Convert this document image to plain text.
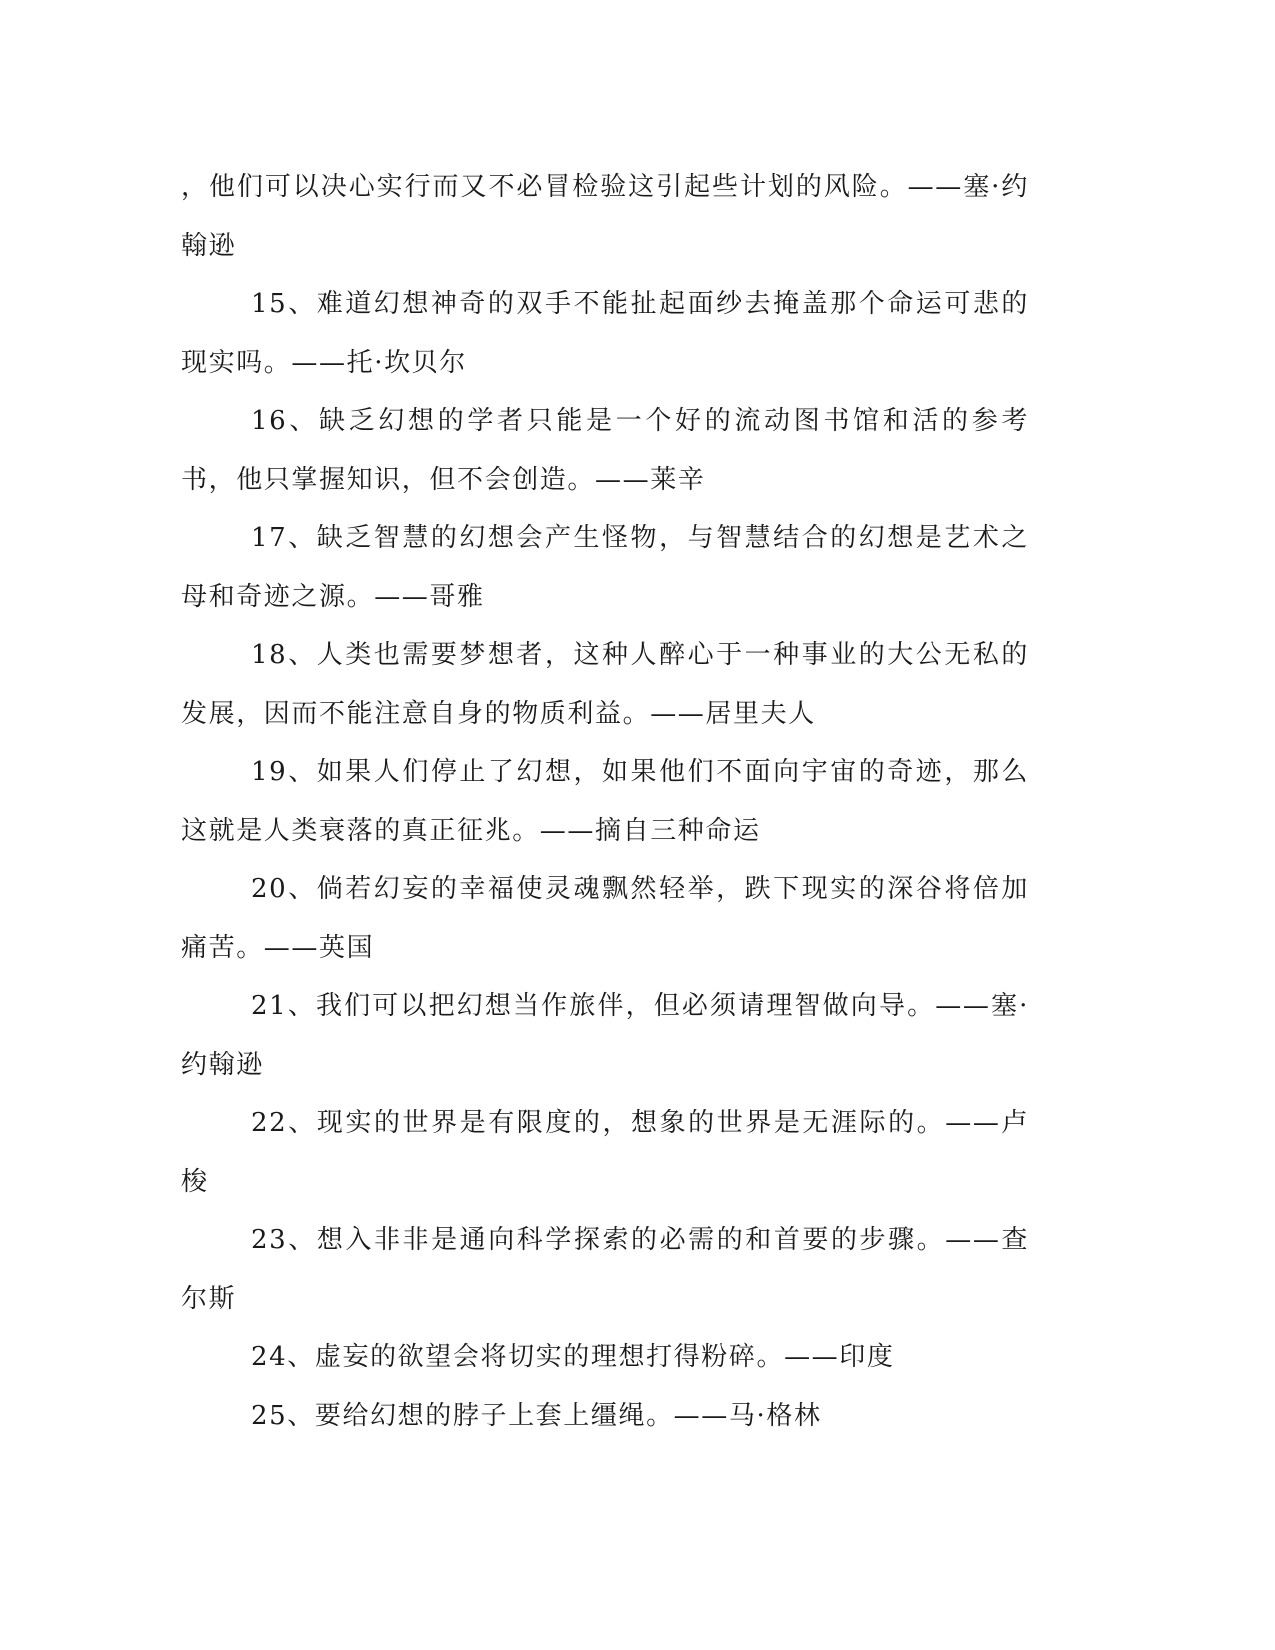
，他们可以决心实行而又不必冒检验这引起些计划的风险。——塞·约翰逊

15、难道幻想神奇的双手不能扯起面纱去掩盖那个命运可悲的现实吗。——托·坎贝尔

16、缺乏幻想的学者只能是一个好的流动图书馆和活的参考书，他只掌握知识，但不会创造。——莱辛

17、缺乏智慧的幻想会产生怪物，与智慧结合的幻想是艺术之母和奇迹之源。——哥雅

18、人类也需要梦想者，这种人醉心于一种事业的大公无私的发展，因而不能注意自身的物质利益。——居里夫人

19、如果人们停止了幻想，如果他们不面向宇宙的奇迹，那么这就是人类衰落的真正征兆。——摘自三种命运

20、倘若幻妄的幸福使灵魂飘然轻举，跌下现实的深谷将倍加痛苦。——英国

21、我们可以把幻想当作旅伴，但必须请理智做向导。——塞·约翰逊

22、现实的世界是有限度的，想象的世界是无涯际的。——卢梭

23、想入非非是通向科学探索的必需的和首要的步骤。——查尔斯

24、虚妄的欲望会将切实的理想打得粉碎。——印度

25、要给幻想的脖子上套上缰绳。——马·格林
